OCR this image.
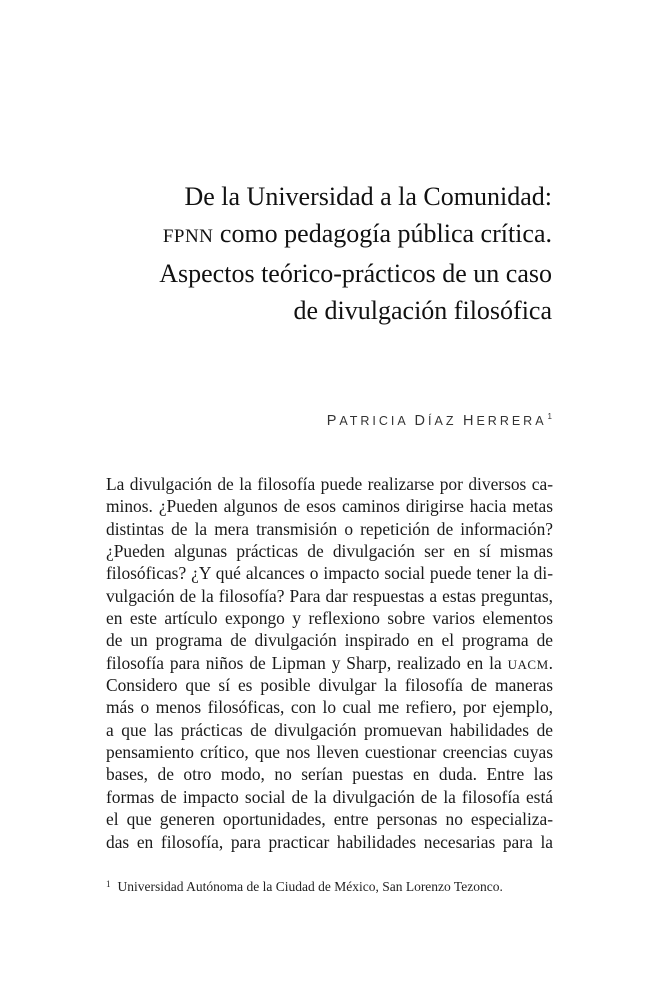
De la Universidad a la Comunidad:
FPNN como pedagogía pública crítica.
Aspectos teórico-prácticos de un caso
de divulgación filosófica
PATRICIA DÍAZ HERRERA$^1$
La divulgación de la filosofía puede realizarse por diversos ca-
minos. ¿Pueden algunos de esos caminos dirigirse hacia metas
distintas de la mera transmisión o repetición de información?
¿Pueden algunas prácticas de divulgación ser en sí mismas
filosóficas? ¿Y qué alcances o impacto social puede tener la di-
vulgación de la filosofía? Para dar respuestas a estas preguntas,
en este artículo expongo y reflexiono sobre varios elementos
de un programa de divulgación inspirado en el programa de
filosofía para niños de Lipman y Sharp, realizado en la UACM.
Considero que sí es posible divulgar la filosofía de maneras
más o menos filosóficas, con lo cual me refiero, por ejemplo,
a que las prácticas de divulgación promuevan habilidades de
pensamiento crítico, que nos lleven cuestionar creencias cuyas
bases, de otro modo, no serían puestas en duda. Entre las
formas de impacto social de la divulgación de la filosofía está
el que generen oportunidades, entre personas no especializa-
das en filosofía, para practicar habilidades necesarias para la
$^1$ Universidad Autónoma de la Ciudad de México, San Lorenzo Tezonco.
